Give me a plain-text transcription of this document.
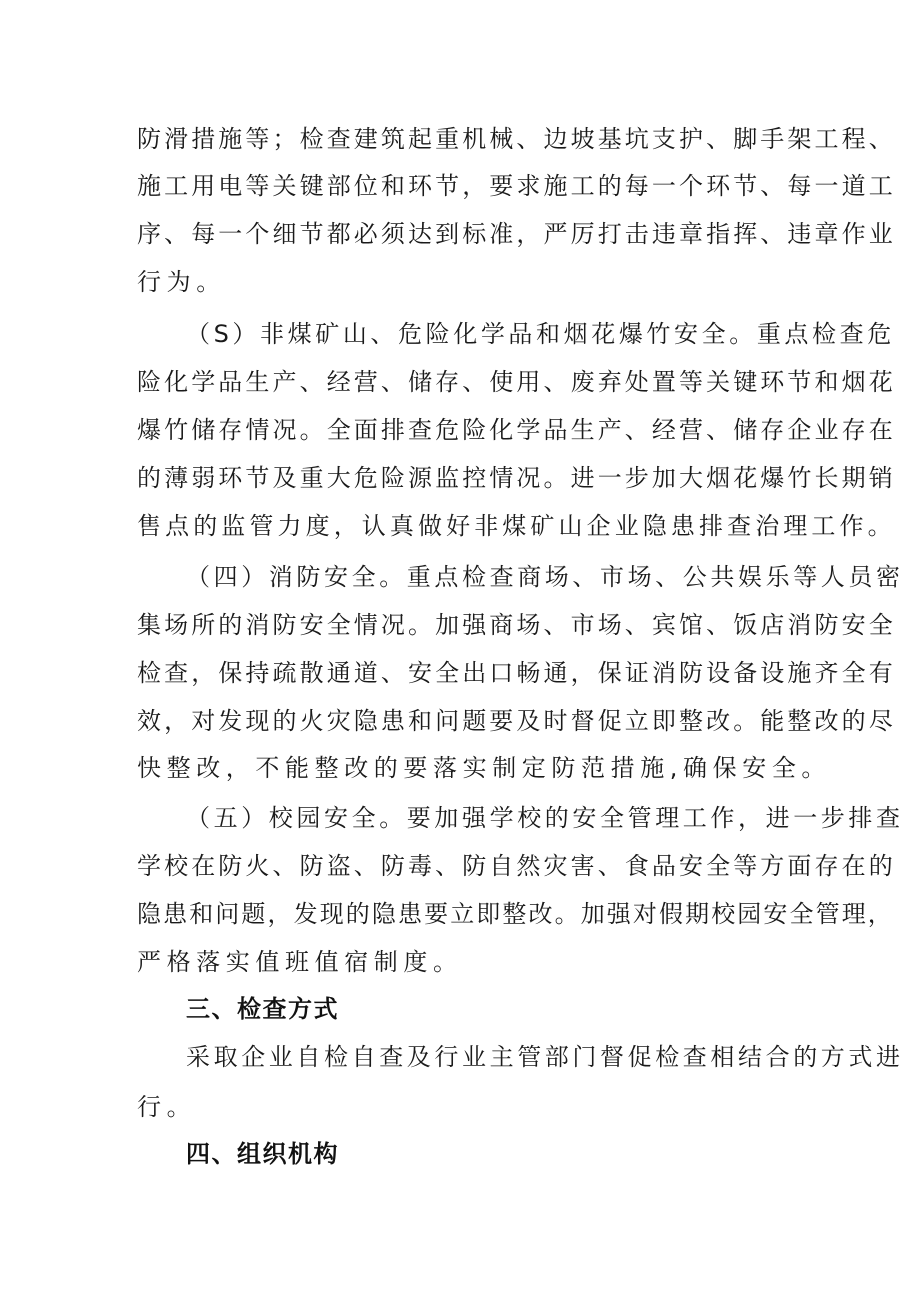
防滑措施等；检查建筑起重机械、边坡基坑支护、脚手架工程、
施工用电等关键部位和环节，要求施工的每一个环节、每一道工
序、每一个细节都必须达到标准，严厉打击违章指挥、违章作业
行为。
（S）非煤矿山、危险化学品和烟花爆竹安全。重点检查危
险化学品生产、经营、储存、使用、废弃处置等关键环节和烟花
爆竹储存情况。全面排查危险化学品生产、经营、储存企业存在
的薄弱环节及重大危险源监控情况。进一步加大烟花爆竹长期销
售点的监管力度，认真做好非煤矿山企业隐患排查治理工作。
（四）消防安全。重点检查商场、市场、公共娱乐等人员密
集场所的消防安全情况。加强商场、市场、宾馆、饭店消防安全
检查，保持疏散通道、安全出口畅通，保证消防设备设施齐全有
效，对发现的火灾隐患和问题要及时督促立即整改。能整改的尽
快整改，不能整改的要落实制定防范措施,确保安全。
（五）校园安全。要加强学校的安全管理工作，进一步排查
学校在防火、防盗、防毒、防自然灾害、食品安全等方面存在的
隐患和问题，发现的隐患要立即整改。加强对假期校园安全管理，
严格落实值班值宿制度。
三、检查方式
采取企业自检自查及行业主管部门督促检查相结合的方式进
行。
四、组织机构
